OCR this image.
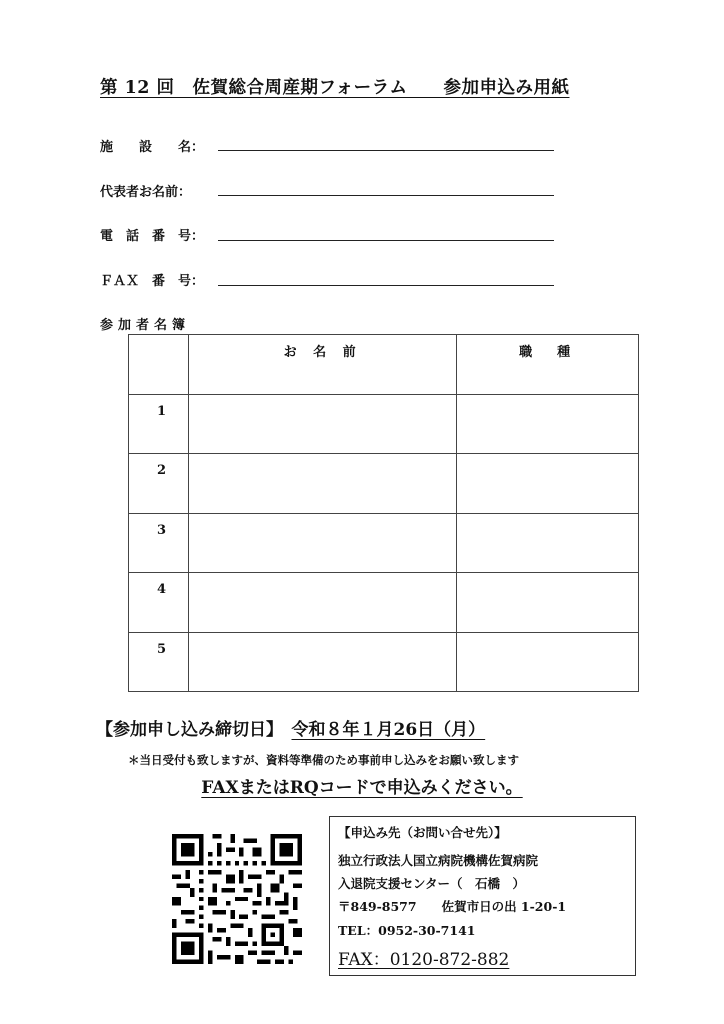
第 12 回　佐賀総合周産期フォーラム　　参加申込み用紙
施　　設　　名：
代表者お名前：
電　話　番　号：
ＦＡＸ　番　号：
参加者名簿
	お 名 前	職　種
1		
2		
3		
4		
5		
【参加申し込み締切日】　 令和８年１月26日（月）
＊当日受付も致しますが、資料等準備のため事前申し込みをお願い致します
FAXまたはRQコードで申込みください。
【申込み先（お問い合せ先）】
独立行政法人国立病院機構佐賀病院
入退院支援センター（　石橋　）
〒849-8577　　佐賀市日の出 1-20-1
TEL：0952-30-7141
FAX：0120-872-882
